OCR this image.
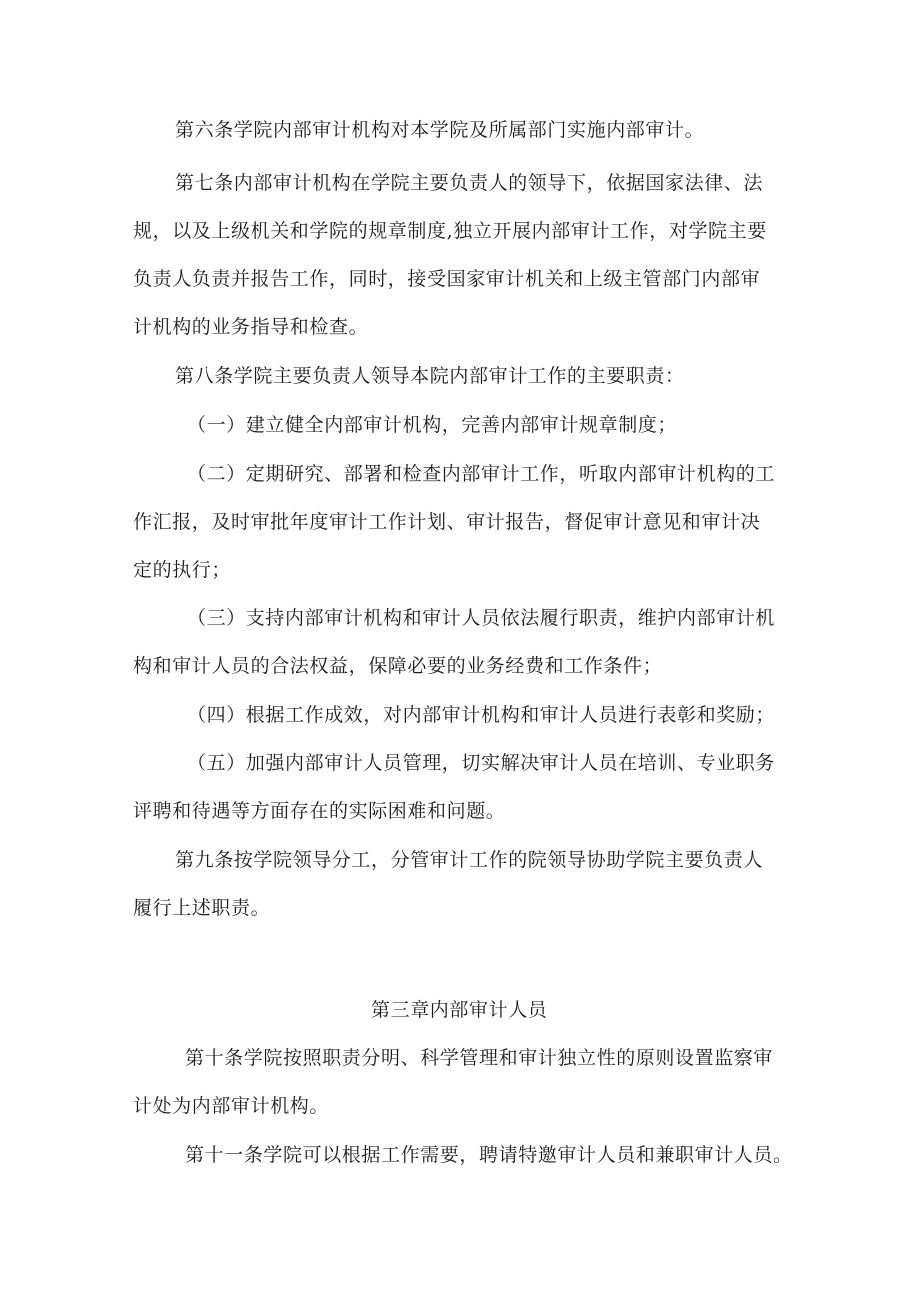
第六条学院内部审计机构对本学院及所属部门实施内部审计。
第七条内部审计机构在学院主要负责人的领导下，依据国家法律、法
规，以及上级机关和学院的规章制度,独立开展内部审计工作，对学院主要
负责人负责并报告工作，同时，接受国家审计机关和上级主管部门内部审
计机构的业务指导和检查。
第八条学院主要负责人领导本院内部审计工作的主要职责：
（一）建立健全内部审计机构，完善内部审计规章制度；
（二）定期研究、部署和检查内部审计工作，听取内部审计机构的工
作汇报，及时审批年度审计工作计划、审计报告，督促审计意见和审计决
定的执行；
（三）支持内部审计机构和审计人员依法履行职责，维护内部审计机
构和审计人员的合法权益，保障必要的业务经费和工作条件；
（四）根据工作成效，对内部审计机构和审计人员进行表彰和奖励；
（五）加强内部审计人员管理，切实解决审计人员在培训、专业职务
评聘和待遇等方面存在的实际困难和问题。
第九条按学院领导分工，分管审计工作的院领导协助学院主要负责人
履行上述职责。
第三章内部审计人员
第十条学院按照职责分明、科学管理和审计独立性的原则设置监察审
计处为内部审计机构。
第十一条学院可以根据工作需要，聘请特邀审计人员和兼职审计人员。
